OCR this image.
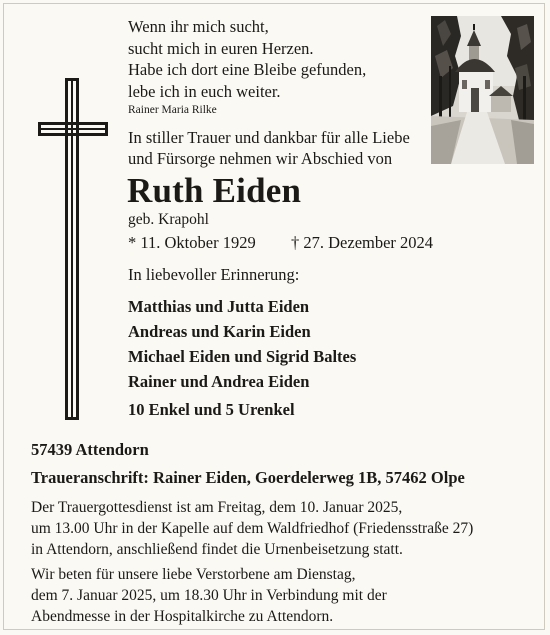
Wenn ihr mich sucht,
sucht mich in euren Herzen.
Habe ich dort eine Bleibe gefunden,
lebe ich in euch weiter.
Rainer Maria Rilke
In stiller Trauer und dankbar für alle Liebe
und Fürsorge nehmen wir Abschied von
Ruth Eiden
geb. Krapohl
* 11. Oktober 1929 † 27. Dezember 2024
In liebevoller Erinnerung:
Matthias und Jutta Eiden
Andreas und Karin Eiden
Michael Eiden und Sigrid Baltes
Rainer und Andrea Eiden
10 Enkel und 5 Urenkel
57439 Attendorn
Traueranschrift: Rainer Eiden, Goerdelerweg 1B, 57462 Olpe
Der Trauergottesdienst ist am Freitag, dem 10. Januar 2025,
um 13.00 Uhr in der Kapelle auf dem Waldfriedhof (Friedensstraße 27)
in Attendorn, anschließend findet die Urnenbeisetzung statt.
Wir beten für unsere liebe Verstorbene am Dienstag,
dem 7. Januar 2025, um 18.30 Uhr in Verbindung mit der
Abendmesse in der Hospitalkirche zu Attendorn.
